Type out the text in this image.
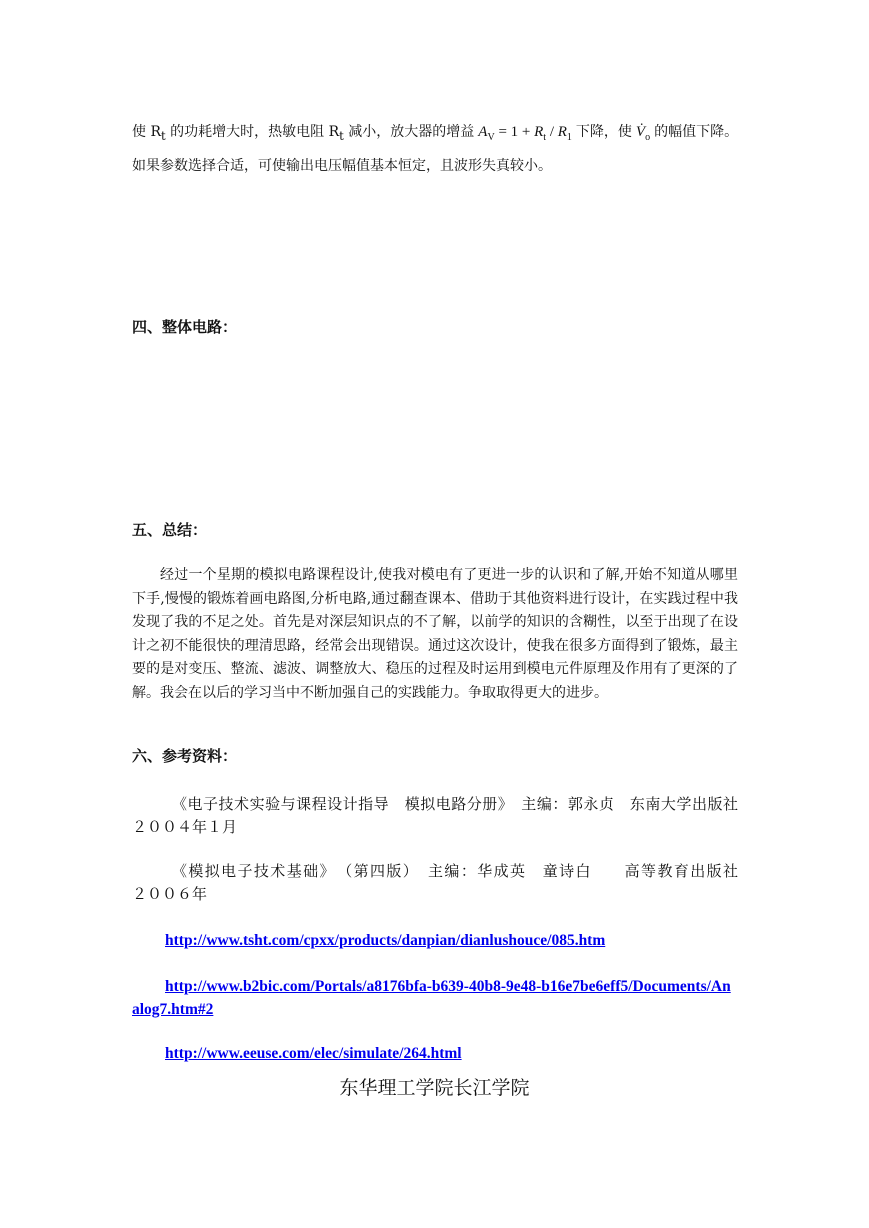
使 $R_t$ 的功耗增大时，热敏电阻 $R_t$ 减小，放大器的增益 $A_V = 1 + R_t / R_1$ 下降，使 $V̇_o$ 的幅值下降。如果参数选择合适，可使输出电压幅值基本恒定，且波形失真较小。
四、整体电路：
五、总结：
经过一个星期的模拟电路课程设计,使我对模电有了更进一步的认识和了解,开始不知道从哪里下手,慢慢的锻炼着画电路图,分析电路,通过翻查课本、借助于其他资料进行设计，在实践过程中我发现了我的不足之处。首先是对深层知识点的不了解，以前学的知识的含糊性，以至于出现了在设计之初不能很快的理清思路，经常会出现错误。通过这次设计，使我在很多方面得到了锻炼，最主要的是对变压、整流、滤波、调整放大、稳压的过程及时运用到模电元件原理及作用有了更深的了解。我会在以后的学习当中不断加强自己的实践能力。争取取得更大的进步。
六、参考资料：
《电子技术实验与课程设计指导　模拟电路分册》　主编：郭永贞　东南大学出版社　　２００４年１月
《模拟电子技术基础》　（第四版）　主编：华成英　童诗白　　高等教育出版社　　　２００６年
http://www.tsht.com/cpxx/products/danpian/dianlushouce/085.htm
http://www.b2bic.com/Portals/a8176bfa-b639-40b8-9e48-b16e7be6eff5/Documents/Analog7.htm#2
http://www.eeuse.com/elec/simulate/264.html
东华理工学院长江学院
